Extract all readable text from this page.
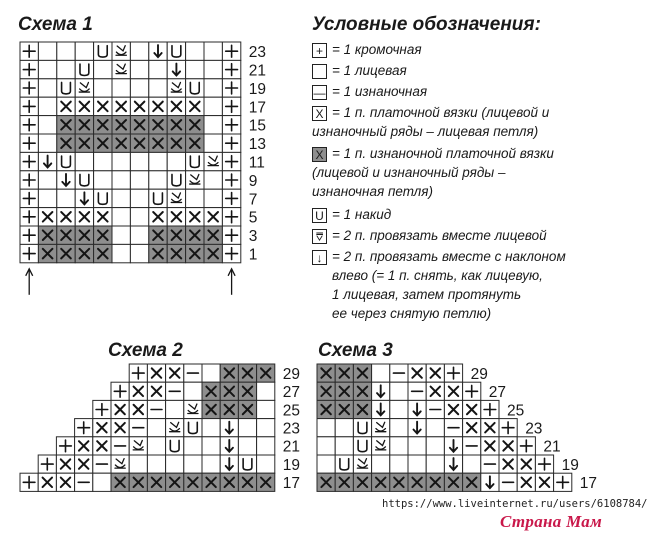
Схема 1	Условные обозначения:
Схема 2	Схема 3
23
21
19
17
15
13
11
9
7
5
3
1
29
27
25
23
21
19
17
29
27
25
23
21
19
17
+ = 1 кромочная
= 1 лицевая
— = 1 изнаночная
X = 1 п. платочной вязки (лицевой и
изнаночный ряды – лицевая петля)
X = 1 п. изнаночной платочной вязки
(лицевой и изнаночный ряды –
изнаночная петля)
U = 1 накид
⩢ = 2 п. провязать вместе лицевой
↓ = 2 п. провязать вместе с наклоном
влево (= 1 п. снять, как лицевую,
1 лицевая, затем протянуть
ее через снятую петлю)
https://www.liveinternet.ru/users/6108784/
Страна Мам
